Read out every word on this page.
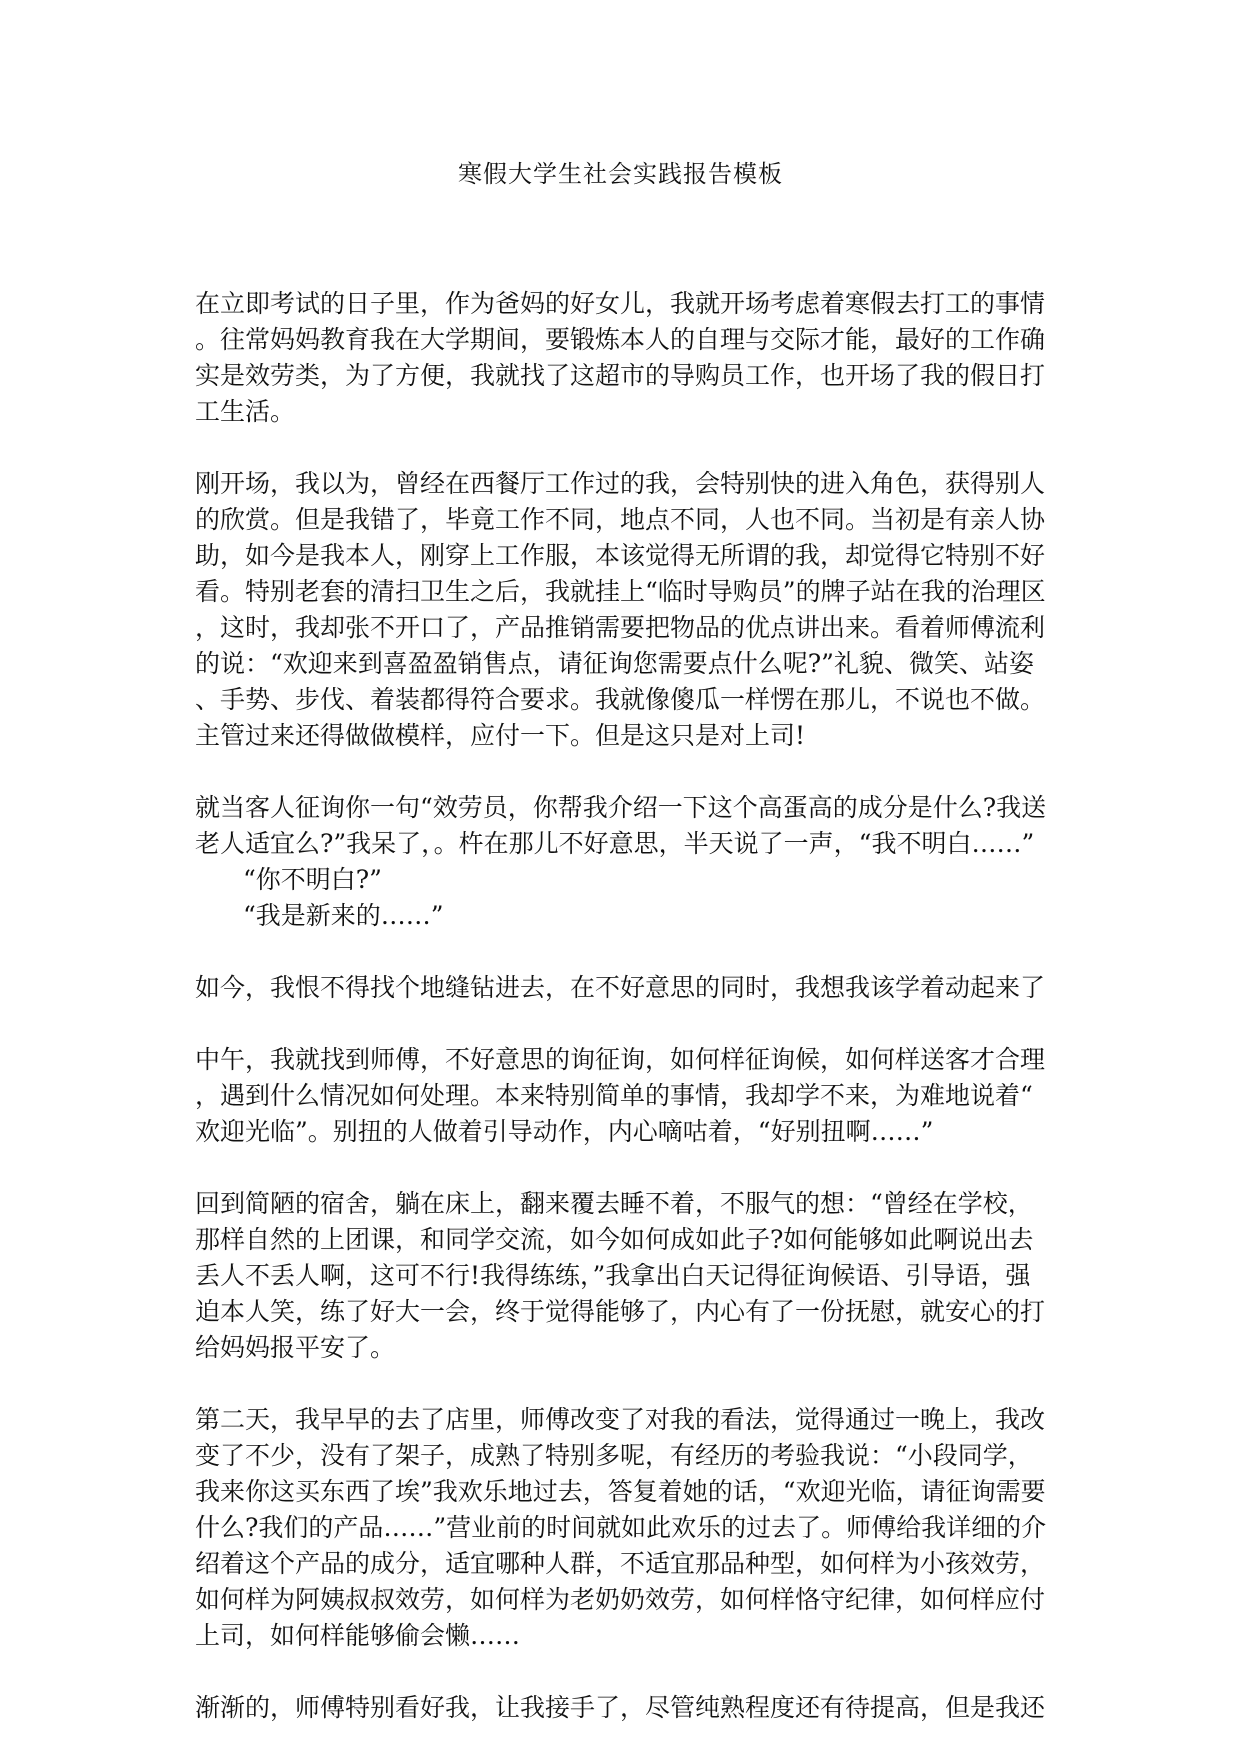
寒假大学生社会实践报告模板

在立即考试的日子里，作为爸妈的好女儿，我就开场考虑着寒假去打工的事情
。往常妈妈教育我在大学期间，要锻炼本人的自理与交际才能，最好的工作确
实是效劳类，为了方便，我就找了这超市的导购员工作，也开场了我的假日打
工生活。

刚开场，我以为，曾经在西餐厅工作过的我，会特别快的进入角色，获得别人
的欣赏。但是我错了，毕竟工作不同，地点不同，人也不同。当初是有亲人协
助，如今是我本人，刚穿上工作服，本该觉得无所谓的我，却觉得它特别不好
看。特别老套的清扫卫生之后，我就挂上“临时导购员”的牌子站在我的治理区
，这时，我却张不开口了，产品推销需要把物品的优点讲出来。看着师傅流利
的说：“欢迎来到喜盈盈销售点，请征询您需要点什么呢?”礼貌、微笑、站姿
、手势、步伐、着装都得符合要求。我就像傻瓜一样愣在那儿，不说也不做。
主管过来还得做做模样，应付一下。但是这只是对上司!

就当客人征询你一句“效劳员，你帮我介绍一下这个高蛋高的成分是什么?我送
老人适宜么?”我呆了，。杵在那儿不好意思，半天说了一声，“我不明白……”
“你不明白?”
“我是新来的……”

如今，我恨不得找个地缝钻进去，在不好意思的同时，我想我该学着动起来了

中午，我就找到师傅，不好意思的询征询，如何样征询候，如何样送客才合理
，遇到什么情况如何处理。本来特别简单的事情，我却学不来，为难地说着“
欢迎光临”。别扭的人做着引导动作，内心嘀咕着，“好别扭啊……”

回到简陋的宿舍，躺在床上，翻来覆去睡不着，不服气的想：“曾经在学校，
那样自然的上团课，和同学交流，如今如何成如此子?如何能够如此啊说出去
丢人不丢人啊，这可不行!我得练练，”我拿出白天记得征询候语、引导语，强
迫本人笑，练了好大一会，终于觉得能够了，内心有了一份抚慰，就安心的打
给妈妈报平安了。

第二天，我早早的去了店里，师傅改变了对我的看法，觉得通过一晚上，我改
变了不少，没有了架子，成熟了特别多呢，有经历的考验我说：“小段同学，
我来你这买东西了埃”我欢乐地过去，答复着她的话，“欢迎光临，请征询需要
什么?我们的产品……”营业前的时间就如此欢乐的过去了。师傅给我详细的介
绍着这个产品的成分，适宜哪种人群，不适宜那品种型，如何样为小孩效劳，
如何样为阿姨叔叔效劳，如何样为老奶奶效劳，如何样恪守纪律，如何样应付
上司，如何样能够偷会懒……

渐渐的，师傅特别看好我，让我接手了，尽管纯熟程度还有待提高，但是我还
